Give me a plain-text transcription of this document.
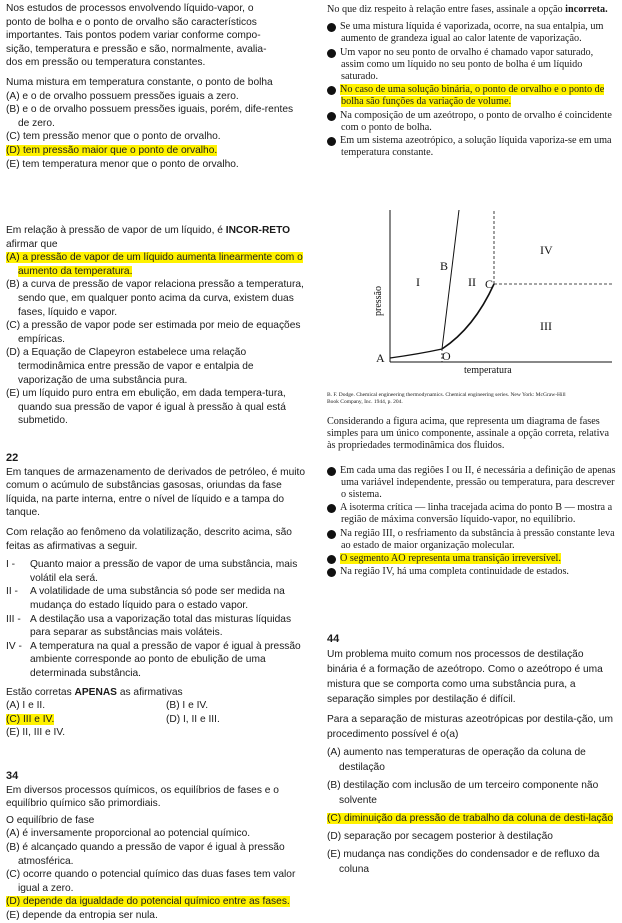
Nos estudos de processos envolvendo líquido-vapor, o

ponto de bolha e o ponto de orvalho são característicos

importantes. Tais pontos podem variar conforme compo-

sição, temperatura e pressão e são, normalmente, avalia-

dos em pressão ou temperatura constantes.

Numa mistura em temperatura constante, o ponto de bolha

(A) e o de orvalho possuem pressões iguais a zero.

(B) e o de orvalho possuem pressões iguais, porém, dife-rentes de zero.

(C) tem pressão menor que o ponto de orvalho.

(D) tem pressão maior que o ponto de orvalho.

(E) tem temperatura menor que o ponto de orvalho.

Em relação à pressão de vapor de um líquido, é INCOR-RETO afirmar que

(A) a pressão de vapor de um líquido aumenta linearmente com o aumento da temperatura.

(B) a curva de pressão de vapor relaciona pressão a temperatura, sendo que, em qualquer ponto acima da curva, existem duas fases, líquido e vapor.

(C) a pressão de vapor pode ser estimada por meio de equações empíricas.

(D) a Equação de Clapeyron estabelece uma relação termodinâmica entre pressão de vapor e entalpia de vaporização de uma substância pura.

(E) um líquido puro entra em ebulição, em dada tempera-tura, quando sua pressão de vapor é igual à pressão à qual está submetido.

22

Em tanques de armazenamento de derivados de petróleo, é muito comum o acúmulo de substâncias gasosas, oriundas da fase líquida, na parte interna, entre o nível de líquido e a tampa do tanque.

Com relação ao fenômeno da volatilização, descrito acima, são feitas as afirmativas a seguir.

I -	Quanto maior a pressão de vapor de uma substância, mais volátil ela será.
II -	A volatilidade de uma substância só pode ser medida na mudança do estado líquido para o estado vapor.
III - A destilação usa a vaporização total das misturas líquidas para separar as substâncias mais voláteis.
IV - A temperatura na qual a pressão de vapor é igual à pressão ambiente corresponde ao ponto de ebulição de uma determinada substância.

Estão corretas APENAS as afirmativas

(A) I e II.	(B) I e IV.
(C) III e IV.	(D) I, II e III.
(E) II, III e IV.

34

Em diversos processos químicos, os equilíbrios de fases e o equilíbrio químico são primordiais.

O equilíbrio de fase

(A) é inversamente proporcional ao potencial químico.

(B) é alcançado quando a pressão de vapor é igual à pressão atmosférica.

(C) ocorre quando o potencial químico das duas fases tem valor igual a zero.

(D) depende da igualdade do potencial químico entre as fases.

(E) depende da entropia ser nula.

No que diz respeito à relação entre fases, assinale a opção incorreta.

A Se uma mistura líquida é vaporizada, ocorre, na sua entalpia, um aumento de grandeza igual ao calor latente de vaporização.

B Um vapor no seu ponto de orvalho é chamado vapor saturado, assim como um líquido no seu ponto de bolha é um líquido saturado.

C No caso de uma solução binária, o ponto de orvalho e o ponto de bolha são funções da variação de volume.

D Na composição de um azeótropo, o ponto de orvalho é coincidente com o ponto de bolha.

E Em um sistema azeotrópico, a solução líquida vaporiza-se em uma temperatura constante.

I	II
III
IV
A
B
C
O
pressão
temperatura
B. F. Dodge. Chemical engineering thermodynamics. Chemical engineering series. New York: McGraw-Hill Book Company, Inc. 1944, p. 204.

Considerando a figura acima, que representa um diagrama de fases simples para um único componente, assinale a opção correta, relativa às propriedades termodinâmica dos fluidos.

A Em cada uma das regiões I ou II, é necessária a definição de apenas uma variável independente, pressão ou temperatura, para descrever o sistema.

B A isoterma crítica — linha tracejada acima do ponto B — mostra a região de máxima conversão líquido-vapor, no equilíbrio.

C Na região III, o resfriamento da substância à pressão constante leva ao estado de maior organização molecular.

D O segmento AO representa uma transição irreversível.

E Na região IV, há uma completa continuidade de estados.

44

Um problema muito comum nos processos de destilação binária é a formação de azeótropo. Como o azeótropo é uma mistura que se comporta como uma substância pura, a separação simples por destilação é difícil.

Para a separação de misturas azeotrópicas por destila-ção, um procedimento possível é o(a)

(A) aumento nas temperaturas de operação da coluna de destilação

(B) destilação com inclusão de um terceiro componente não solvente

(C) diminuição da pressão de trabalho da coluna de desti-lação

(D) separação por secagem posterior à destilação

(E) mudança nas condições do condensador e de refluxo da coluna
